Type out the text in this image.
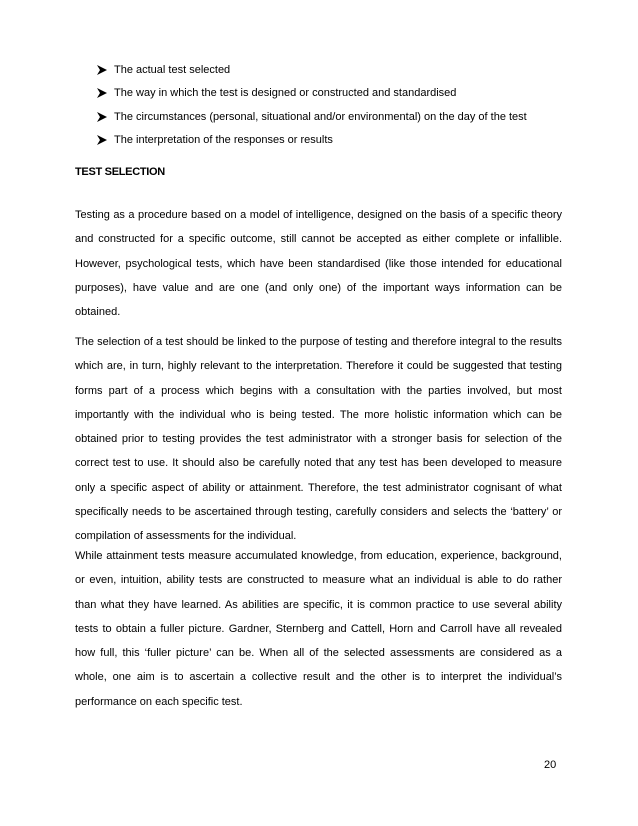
The actual test selected
The way in which the test is designed or constructed and standardised
The circumstances (personal, situational and/or environmental) on the day of the test
The interpretation of the responses or results
TEST SELECTION

Testing as a procedure based on a model of intelligence, designed on the basis of a specific theory and constructed for a specific outcome, still cannot be accepted as either complete or infallible. However, psychological tests, which have been standardised (like those intended for educational purposes), have value and are one (and only one) of the important ways information can be obtained.

The selection of a test should be linked to the purpose of testing and therefore integral to the results which are, in turn, highly relevant to the interpretation. Therefore it could be suggested that testing forms part of a process which begins with a consultation with the parties involved, but most importantly with the individual who is being tested. The more holistic information which can be obtained prior to testing provides the test administrator with a stronger basis for selection of the correct test to use. It should also be carefully noted that any test has been developed to measure only a specific aspect of ability or attainment. Therefore, the test administrator cognisant of what specifically needs to be ascertained through testing, carefully considers and selects the ‘battery’ or compilation of assessments for the individual.

While attainment tests measure accumulated knowledge, from education, experience, background, or even, intuition, ability tests are constructed to measure what an individual is able to do rather than what they have learned. As abilities are specific, it is common practice to use several ability tests to obtain a fuller picture. Gardner, Sternberg and Cattell, Horn and Carroll have all revealed how full, this ‘fuller picture’ can be. When all of the selected assessments are considered as a whole, one aim is to ascertain a collective result and the other is to interpret the individual’s performance on each specific test.

20
